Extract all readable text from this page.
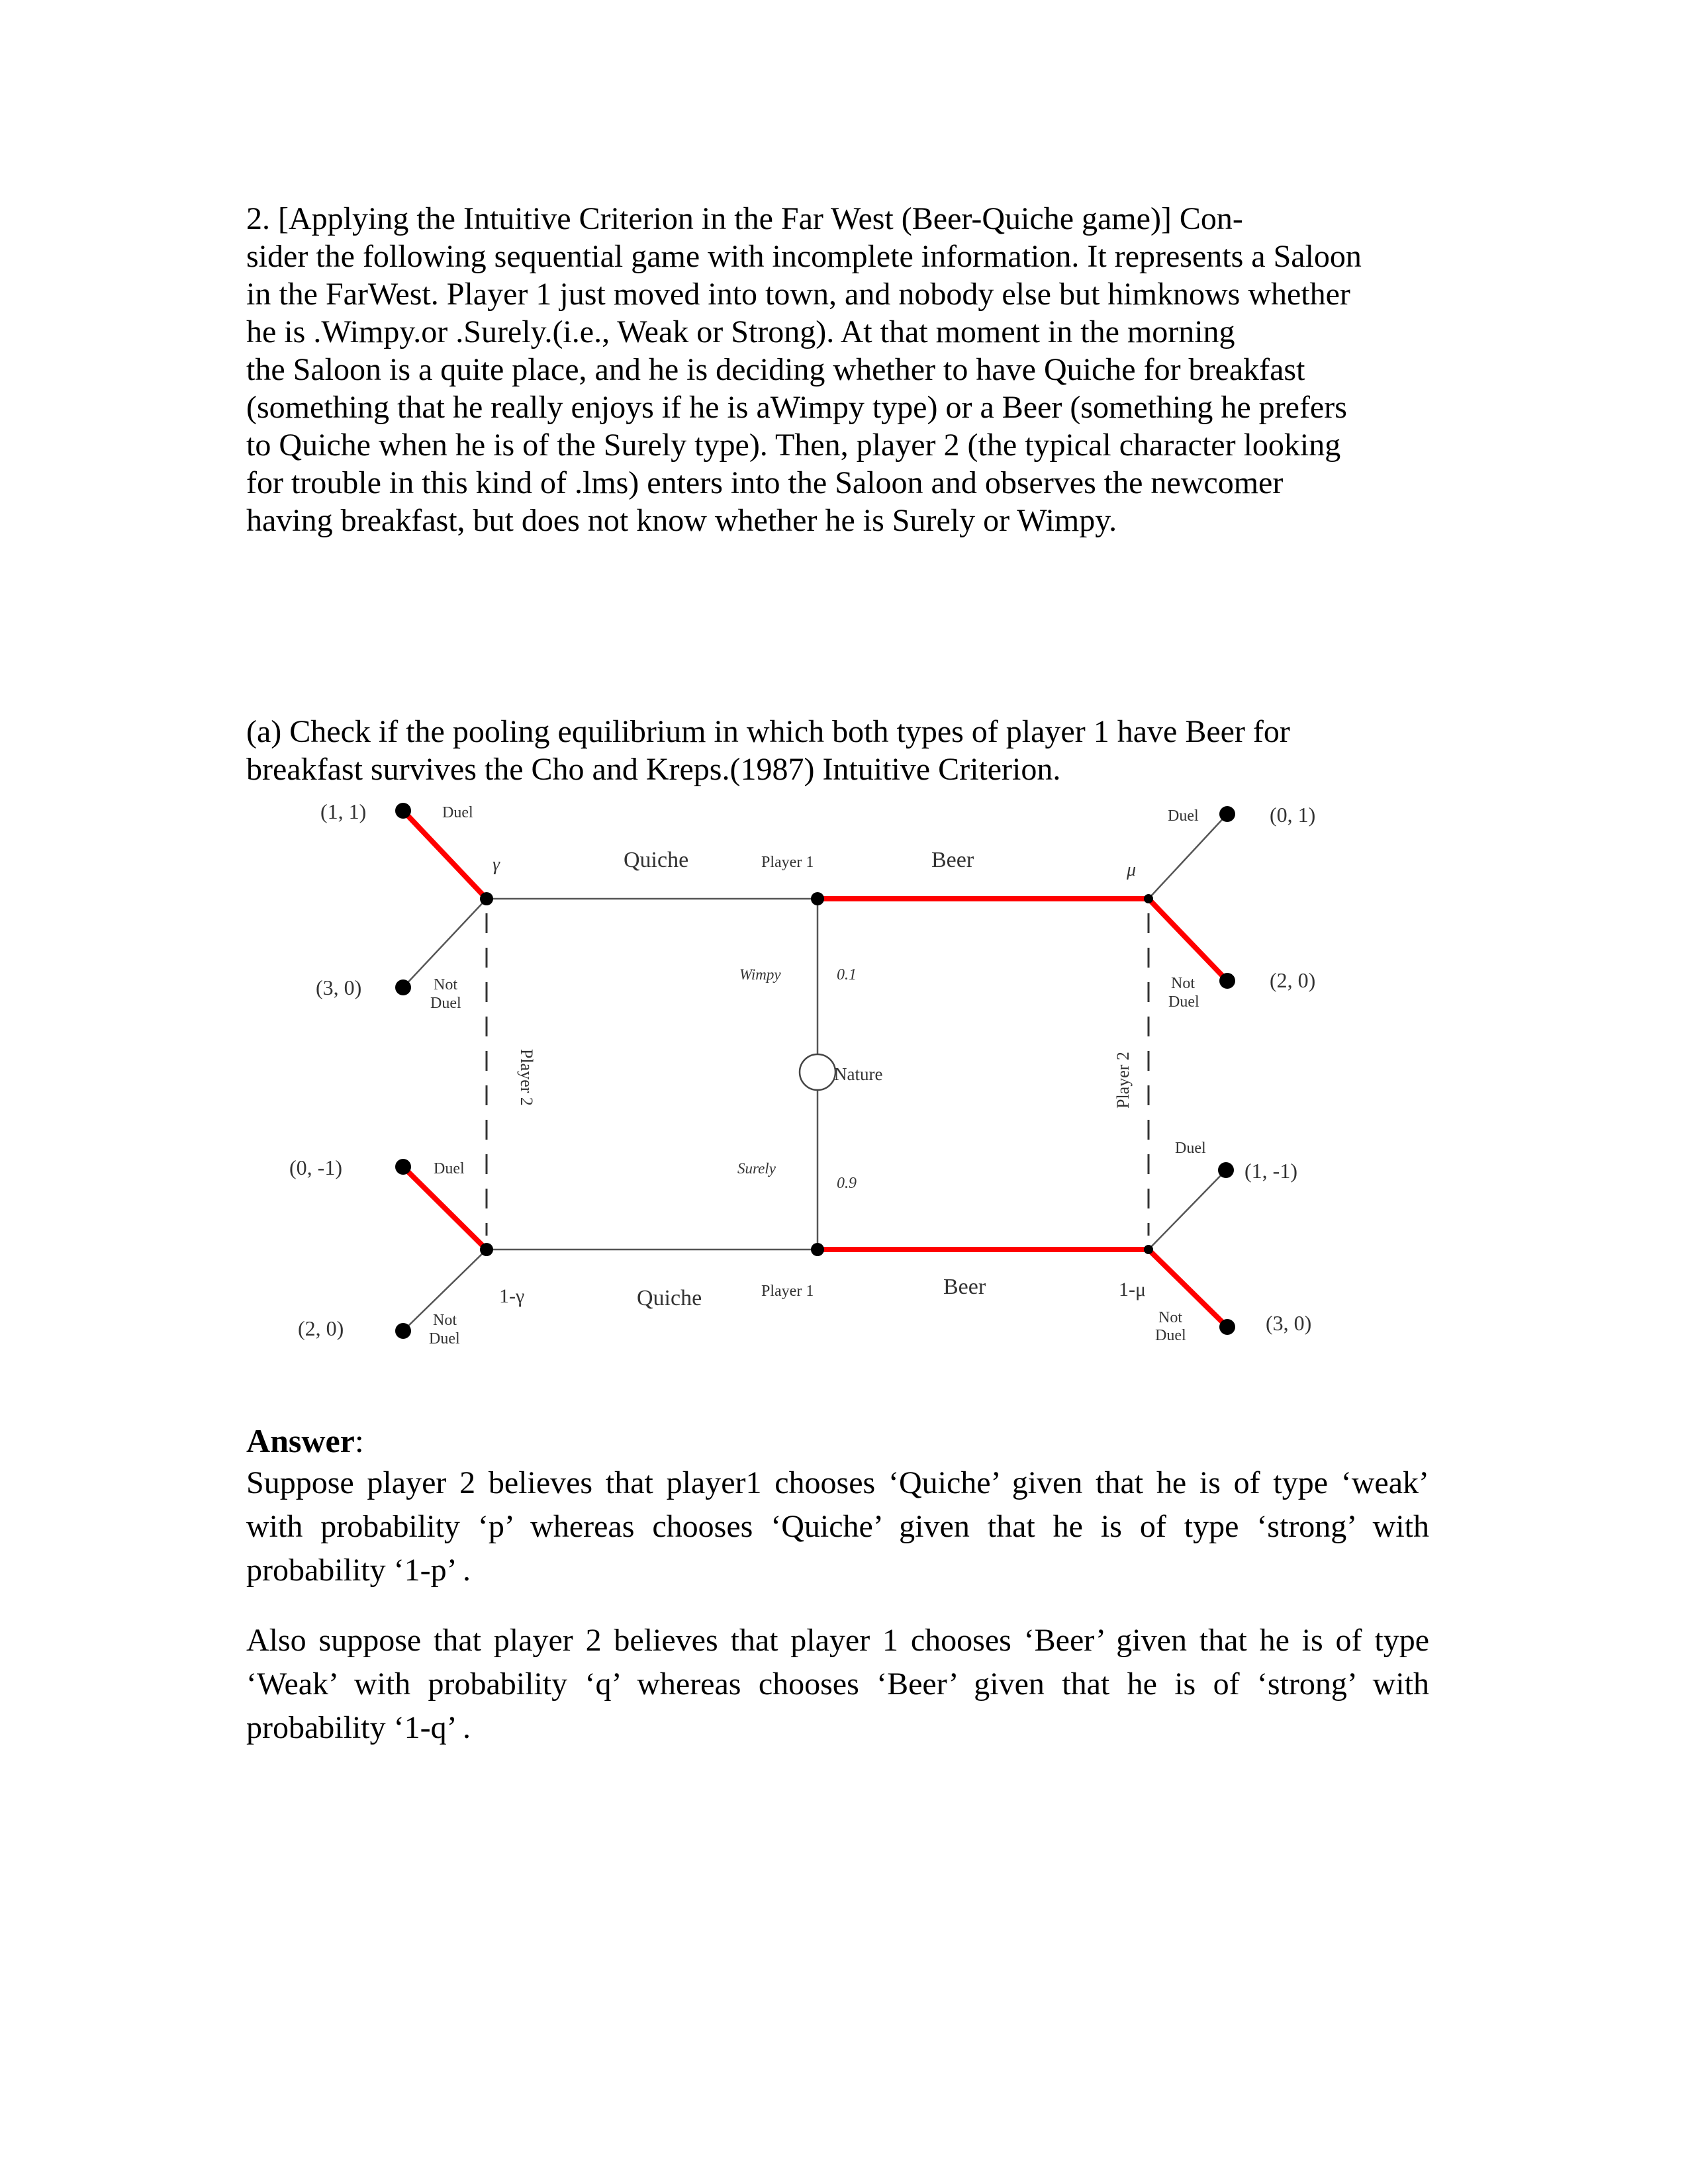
2. [Applying the Intuitive Criterion in the Far West (Beer-Quiche game)] Con-
sider the following sequential game with incomplete information. It represents a Saloon
in the FarWest. Player 1 just moved into town, and nobody else but himknows whether
he is .Wimpy.or .Surely.(i.e., Weak or Strong). At that moment in the morning
the Saloon is a quite place, and he is deciding whether to have Quiche for breakfast
(something that he really enjoys if he is aWimpy type) or a Beer (something he prefers
to Quiche when he is of the Surely type). Then, player 2 (the typical character looking
for trouble in this kind of .lms) enters into the Saloon and observes the newcomer
having breakfast, but does not know whether he is Surely or Wimpy.
(a) Check if the pooling equilibrium in which both types of player 1 have Beer for
breakfast survives the Cho and Kreps.(1987) Intuitive Criterion.
Nature
Player 1
Player 1
Quiche
Quiche
Beer
Beer
Wimpy
Surely
0.1
0.9
γ
1-γ
μ
1-μ
Player 2	Player 2
Duel
Not
Duel
Duel
Not
Duel
Duel
Not
Duel
Duel
Not
Duel
(1, 1)
(3, 0)
(0, -1)
(2, 0)
(0, 1)
(2, 0)
(1, -1)
(3, 0)
Answer:
Suppose player 2 believes that player1 chooses ‘Quiche’ given that he is of type ‘weak’
with probability ‘p’ whereas chooses ‘Quiche’ given that he is of type ‘strong’ with
probability ‘1-p’ .
Also suppose that player 2 believes that player 1 chooses ‘Beer’ given that he is of type
‘Weak’ with probability ‘q’ whereas chooses ‘Beer’ given that he is of ‘strong’ with
probability ‘1-q’ .
